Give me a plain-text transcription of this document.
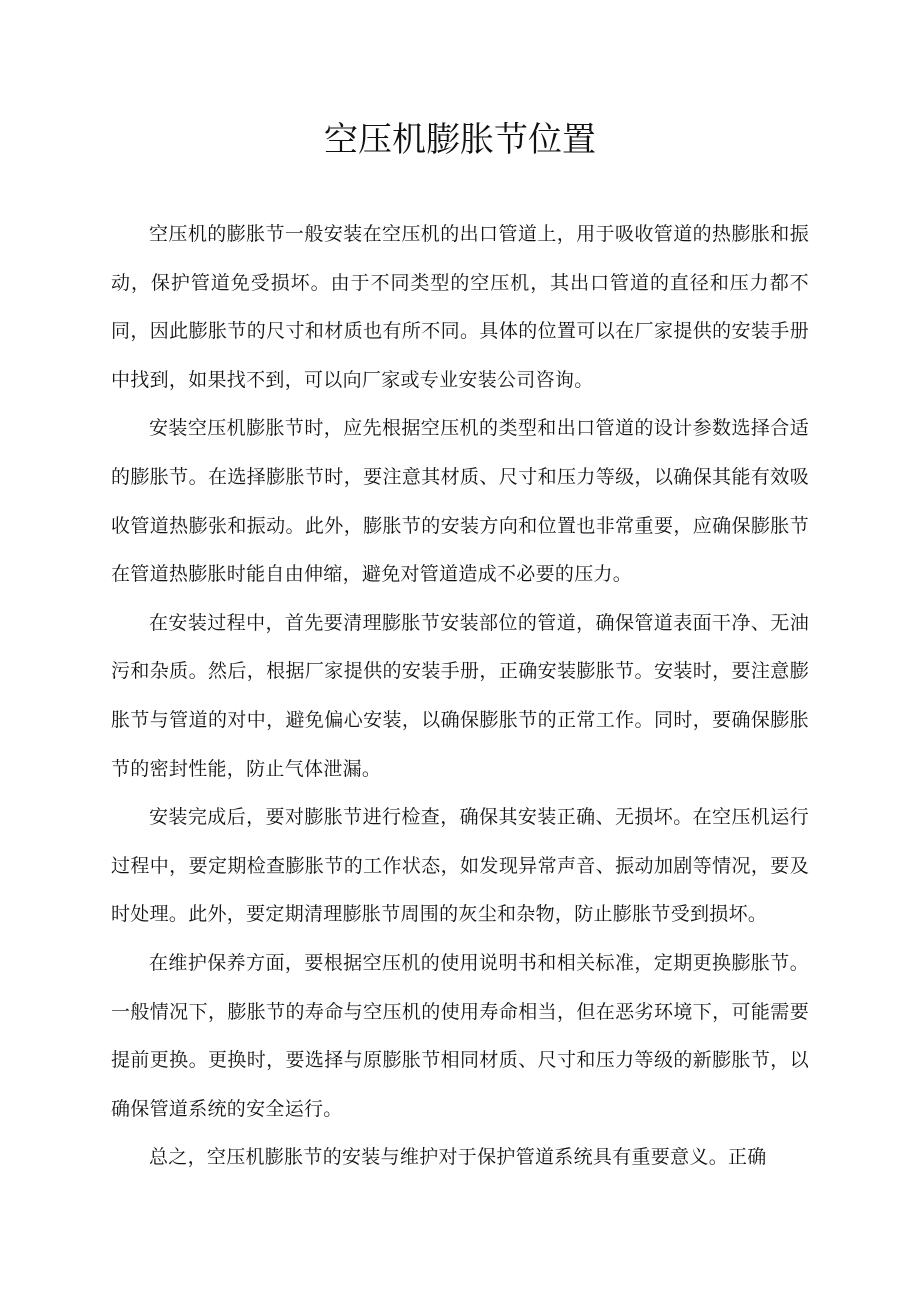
空压机膨胀节位置

空压机的膨胀节一般安装在空压机的出口管道上，用于吸收管道的热膨胀和振动，保护管道免受损坏。由于不同类型的空压机，其出口管道的直径和压力都不同，因此膨胀节的尺寸和材质也有所不同。具体的位置可以在厂家提供的安装手册中找到，如果找不到，可以向厂家或专业安装公司咨询。

安装空压机膨胀节时，应先根据空压机的类型和出口管道的设计参数选择合适的膨胀节。在选择膨胀节时，要注意其材质、尺寸和压力等级，以确保其能有效吸收管道热膨张和振动。此外，膨胀节的安装方向和位置也非常重要，应确保膨胀节在管道热膨胀时能自由伸缩，避免对管道造成不必要的压力。

在安装过程中，首先要清理膨胀节安装部位的管道，确保管道表面干净、无油污和杂质。然后，根据厂家提供的安装手册，正确安装膨胀节。安装时，要注意膨胀节与管道的对中，避免偏心安装，以确保膨胀节的正常工作。同时，要确保膨胀节的密封性能，防止气体泄漏。

安装完成后，要对膨胀节进行检查，确保其安装正确、无损坏。在空压机运行过程中，要定期检查膨胀节的工作状态，如发现异常声音、振动加剧等情况，要及时处理。此外，要定期清理膨胀节周围的灰尘和杂物，防止膨胀节受到损坏。

在维护保养方面，要根据空压机的使用说明书和相关标准，定期更换膨胀节。一般情况下，膨胀节的寿命与空压机的使用寿命相当，但在恶劣环境下，可能需要提前更换。更换时，要选择与原膨胀节相同材质、尺寸和压力等级的新膨胀节，以确保管道系统的安全运行。

总之，空压机膨胀节的安装与维护对于保护管道系统具有重要意义。正确
